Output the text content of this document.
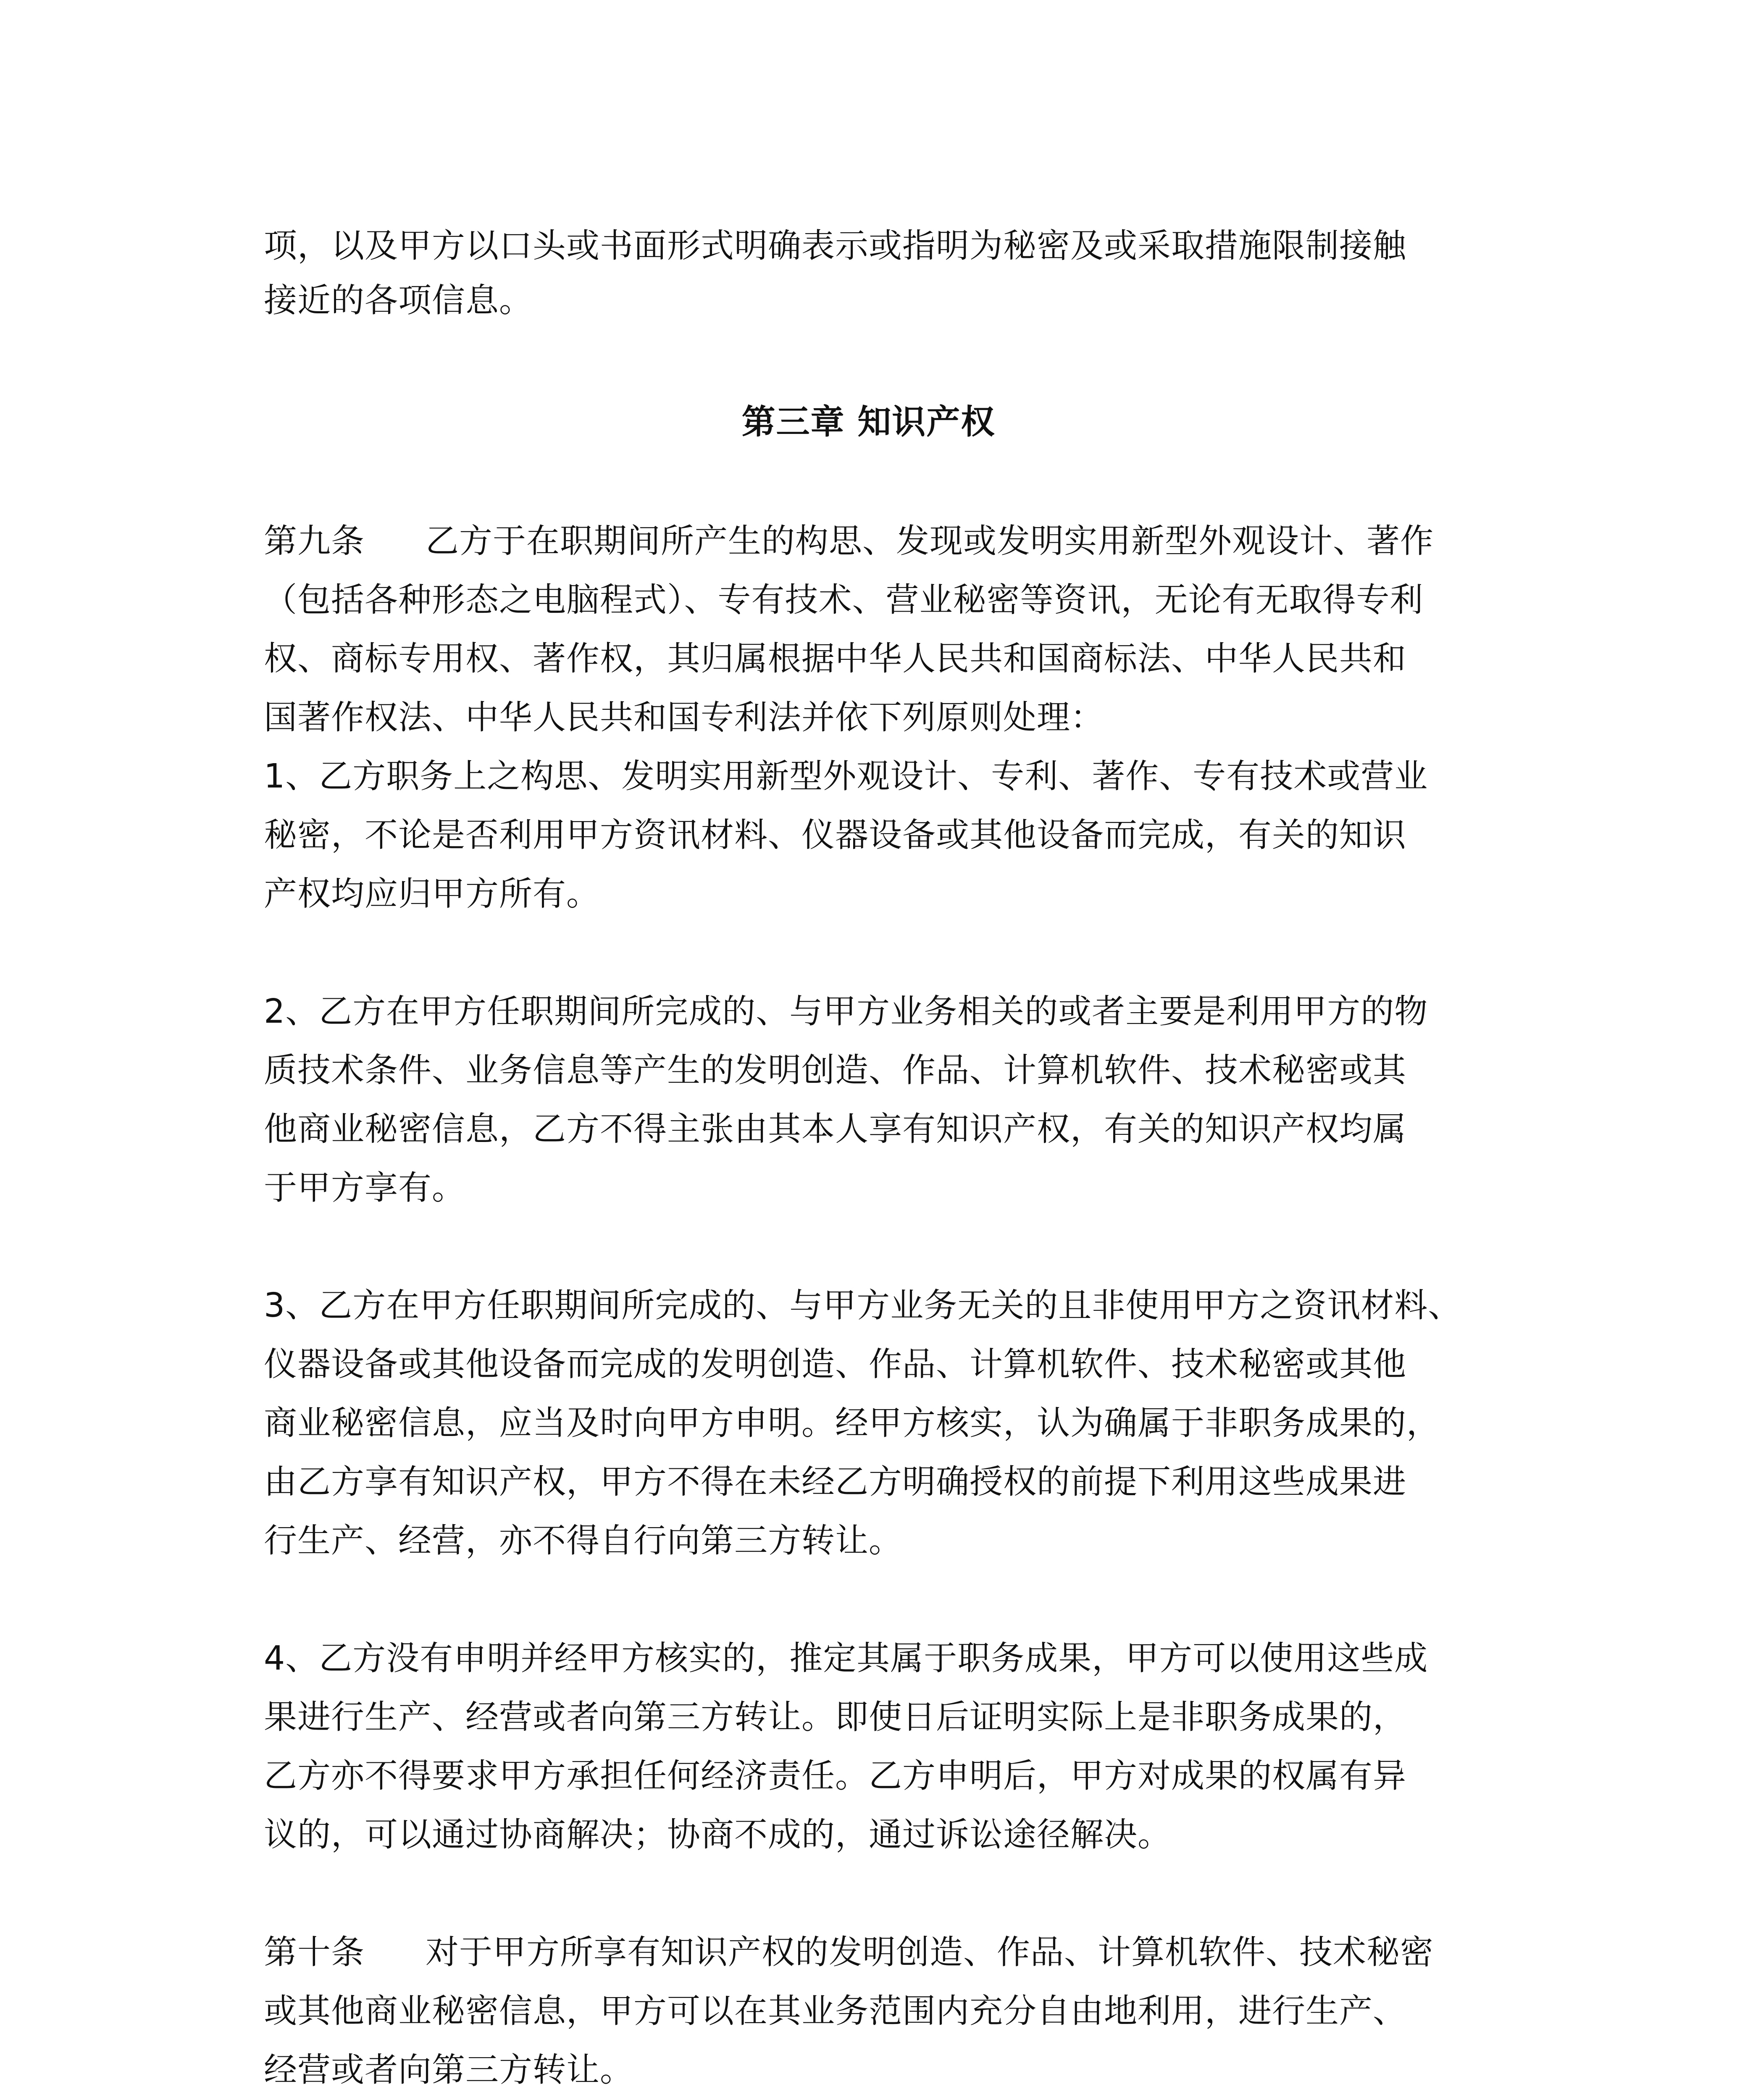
项，以及甲方以口头或书面形式明确表示或指明为秘密及或采取措施限制接触
接近的各项信息。
第三章 知识产权
第九条 乙方于在职期间所产生的构思、发现或发明实用新型外观设计、著作
（包括各种形态之电脑程式）、专有技术、营业秘密等资讯，无论有无取得专利
权、商标专用权、著作权，其归属根据中华人民共和国商标法、中华人民共和
国著作权法、中华人民共和国专利法并依下列原则处理：
1、乙方职务上之构思、发明实用新型外观设计、专利、著作、专有技术或营业
秘密，不论是否利用甲方资讯材料、仪器设备或其他设备而完成，有关的知识
产权均应归甲方所有。
2、乙方在甲方任职期间所完成的、与甲方业务相关的或者主要是利用甲方的物
质技术条件、业务信息等产生的发明创造、作品、计算机软件、技术秘密或其
他商业秘密信息，乙方不得主张由其本人享有知识产权，有关的知识产权均属
于甲方享有。
3、乙方在甲方任职期间所完成的、与甲方业务无关的且非使用甲方之资讯材料、
仪器设备或其他设备而完成的发明创造、作品、计算机软件、技术秘密或其他
商业秘密信息，应当及时向甲方申明。经甲方核实，认为确属于非职务成果的，
由乙方享有知识产权，甲方不得在未经乙方明确授权的前提下利用这些成果进
行生产、经营，亦不得自行向第三方转让。
4、乙方没有申明并经甲方核实的，推定其属于职务成果，甲方可以使用这些成
果进行生产、经营或者向第三方转让。即使日后证明实际上是非职务成果的，
乙方亦不得要求甲方承担任何经济责任。乙方申明后，甲方对成果的权属有异
议的，可以通过协商解决；协商不成的，通过诉讼途径解决。
第十条 对于甲方所享有知识产权的发明创造、作品、计算机软件、技术秘密
或其他商业秘密信息，甲方可以在其业务范围内充分自由地利用，进行生产、
经营或者向第三方转让。
